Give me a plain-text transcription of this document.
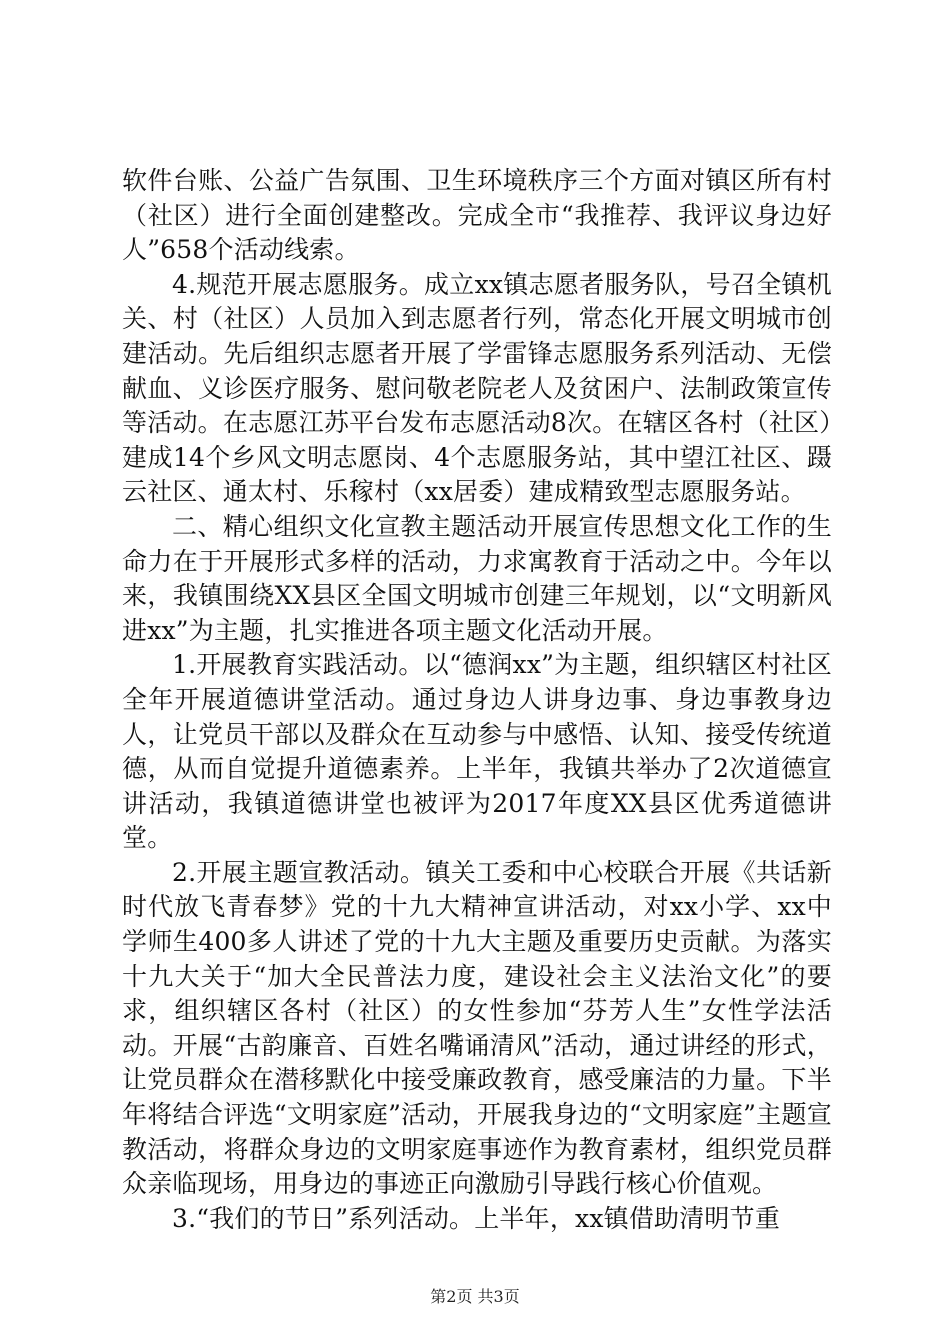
软件台账、公益广告氛围、卫生环境秩序三个方面对镇区所有村（社区）进行全面创建整改。完成全市“我推荐、我评议身边好人”658个活动线索。

4.规范开展志愿服务。成立xx镇志愿者服务队，号召全镇机关、村（社区）人员加入到志愿者行列，常态化开展文明城市创建活动。先后组织志愿者开展了学雷锋志愿服务系列活动、无偿献血、义诊医疗服务、慰问敬老院老人及贫困户、法制政策宣传等活动。在志愿江苏平台发布志愿活动8次。在辖区各村（社区）建成14个乡风文明志愿岗、4个志愿服务站，其中望江社区、蹑云社区、通太村、乐稼村（xx居委）建成精致型志愿服务站。

二、精心组织文化宣教主题活动开展宣传思想文化工作的生命力在于开展形式多样的活动，力求寓教育于活动之中。今年以来，我镇围绕XX县区全国文明城市创建三年规划，以“文明新风进xx”为主题，扎实推进各项主题文化活动开展。

1.开展教育实践活动。以“德润xx”为主题，组织辖区村社区全年开展道德讲堂活动。通过身边人讲身边事、身边事教身边人，让党员干部以及群众在互动参与中感悟、认知、接受传统道德，从而自觉提升道德素养。上半年，我镇共举办了2次道德宣讲活动，我镇道德讲堂也被评为2017年度XX县区优秀道德讲堂。

2.开展主题宣教活动。镇关工委和中心校联合开展《共话新时代放飞青春梦》党的十九大精神宣讲活动，对xx小学、xx中学师生400多人讲述了党的十九大主题及重要历史贡献。为落实十九大关于“加大全民普法力度，建设社会主义法治文化”的要求，组织辖区各村（社区）的女性参加“芬芳人生”女性学法活动。开展“古韵廉音、百姓名嘴诵清风”活动，通过讲经的形式，让党员群众在潜移默化中接受廉政教育，感受廉洁的力量。下半年将结合评选“文明家庭”活动，开展我身边的“文明家庭”主题宣教活动，将群众身边的文明家庭事迹作为教育素材，组织党员群众亲临现场，用身边的事迹正向激励引导践行核心价值观。

3.“我们的节日”系列活动。上半年，xx镇借助清明节重

第2页 共3页
